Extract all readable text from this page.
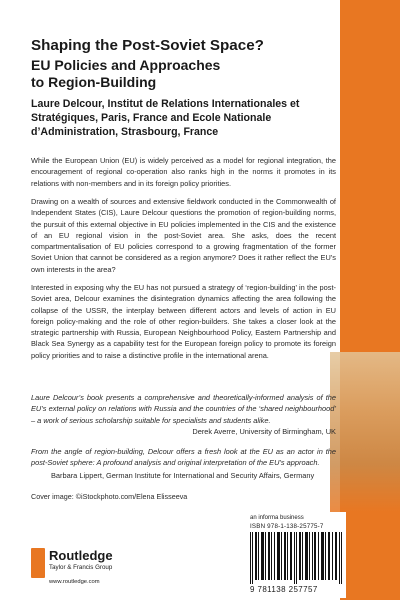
Shaping the Post-Soviet Space?
EU Policies and Approaches
to Region-Building
Laure Delcour, Institut de Relations Internationales et Stratégiques, Paris, France and Ecole Nationale d’Administration, Strasbourg, France
While the European Union (EU) is widely perceived as a model for regional integration, the encouragement of regional co-operation also ranks high in the norms it promotes in its relations with non-members and in its foreign policy priorities.
Drawing on a wealth of sources and extensive fieldwork conducted in the Commonwealth of Independent States (CIS), Laure Delcour questions the promotion of region-building norms, the pursuit of this external objective in EU policies implemented in the CIS and the existence of an EU regional vision in the post-Soviet area. She asks, does the recent compartmentalisation of EU policies correspond to a growing fragmentation of the former Soviet Union that cannot be considered as a region anymore? Does it rather reflect the EU’s own interests in the area?
Interested in exposing why the EU has not pursued a strategy of ‘region-building’ in the post-Soviet area, Delcour examines the disintegration dynamics affecting the area following the collapse of the USSR, the interplay between different actors and levels of action in EU foreign policy-making and the role of other region-builders. She takes a closer look at the strategic partnership with Russia, European Neighbourhood Policy, Eastern Partnership and Black Sea Synergy as a capability test for the European foreign policy to promote its foreign policy priorities and to raise a distinctive profile in the international arena.
Laure Delcour’s book presents a comprehensive and theoretically-informed analysis of the EU’s external policy on relations with Russia and the countries of the ‘shared neighbourhood’ – a work of serious scholarship suitable for specialists and students alike.
Derek Averre, University of Birmingham, UK
From the angle of region-building, Delcour offers a fresh look at the EU as an actor in the post-Soviet sphere: A profound analysis and original interpretation of the EU’s approach.
Barbara Lippert, German Institute for International and Security Affairs, Germany
Cover image: ©iStockphoto.com/Elena Elisseeva
Routledge
Taylor & Francis Group
www.routledge.com
an informa business
ISBN 978-1-138-25775-7
9 781138 257757
